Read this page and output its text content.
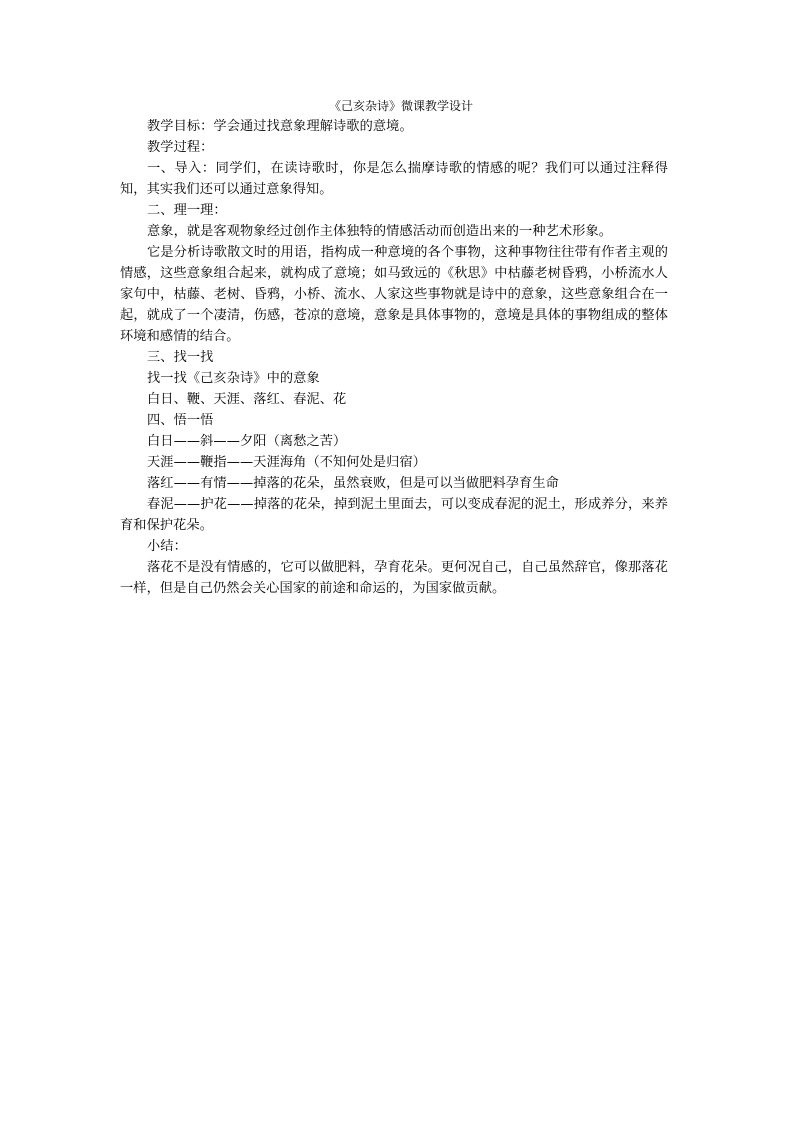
《己亥杂诗》微课教学设计

教学目标：学会通过找意象理解诗歌的意境。

教学过程：

一、导入：同学们，在读诗歌时，你是怎么揣摩诗歌的情感的呢？我们可以通过注释得知，其实我们还可以通过意象得知。

二、理一理：

意象，就是客观物象经过创作主体独特的情感活动而创造出来的一种艺术形象。

它是分析诗歌散文时的用语，指构成一种意境的各个事物，这种事物往往带有作者主观的情感，这些意象组合起来，就构成了意境；如马致远的《秋思》中枯藤老树昏鸦，小桥流水人家句中，枯藤、老树、昏鸦，小桥、流水、人家这些事物就是诗中的意象，这些意象组合在一起，就成了一个凄清，伤感，苍凉的意境，意象是具体事物的，意境是具体的事物组成的整体环境和感情的结合。

三、找一找

找一找《己亥杂诗》中的意象

白日、鞭、天涯、落红、春泥、花

四、悟一悟

白日——斜——夕阳（离愁之苦）

天涯——鞭指——天涯海角（不知何处是归宿）

落红——有情——掉落的花朵，虽然衰败，但是可以当做肥料孕育生命

春泥——护花——掉落的花朵，掉到泥土里面去，可以变成春泥的泥土，形成养分，来养育和保护花朵。

小结：

落花不是没有情感的，它可以做肥料，孕育花朵。更何况自己，自己虽然辞官，像那落花一样，但是自己仍然会关心国家的前途和命运的，为国家做贡献。
